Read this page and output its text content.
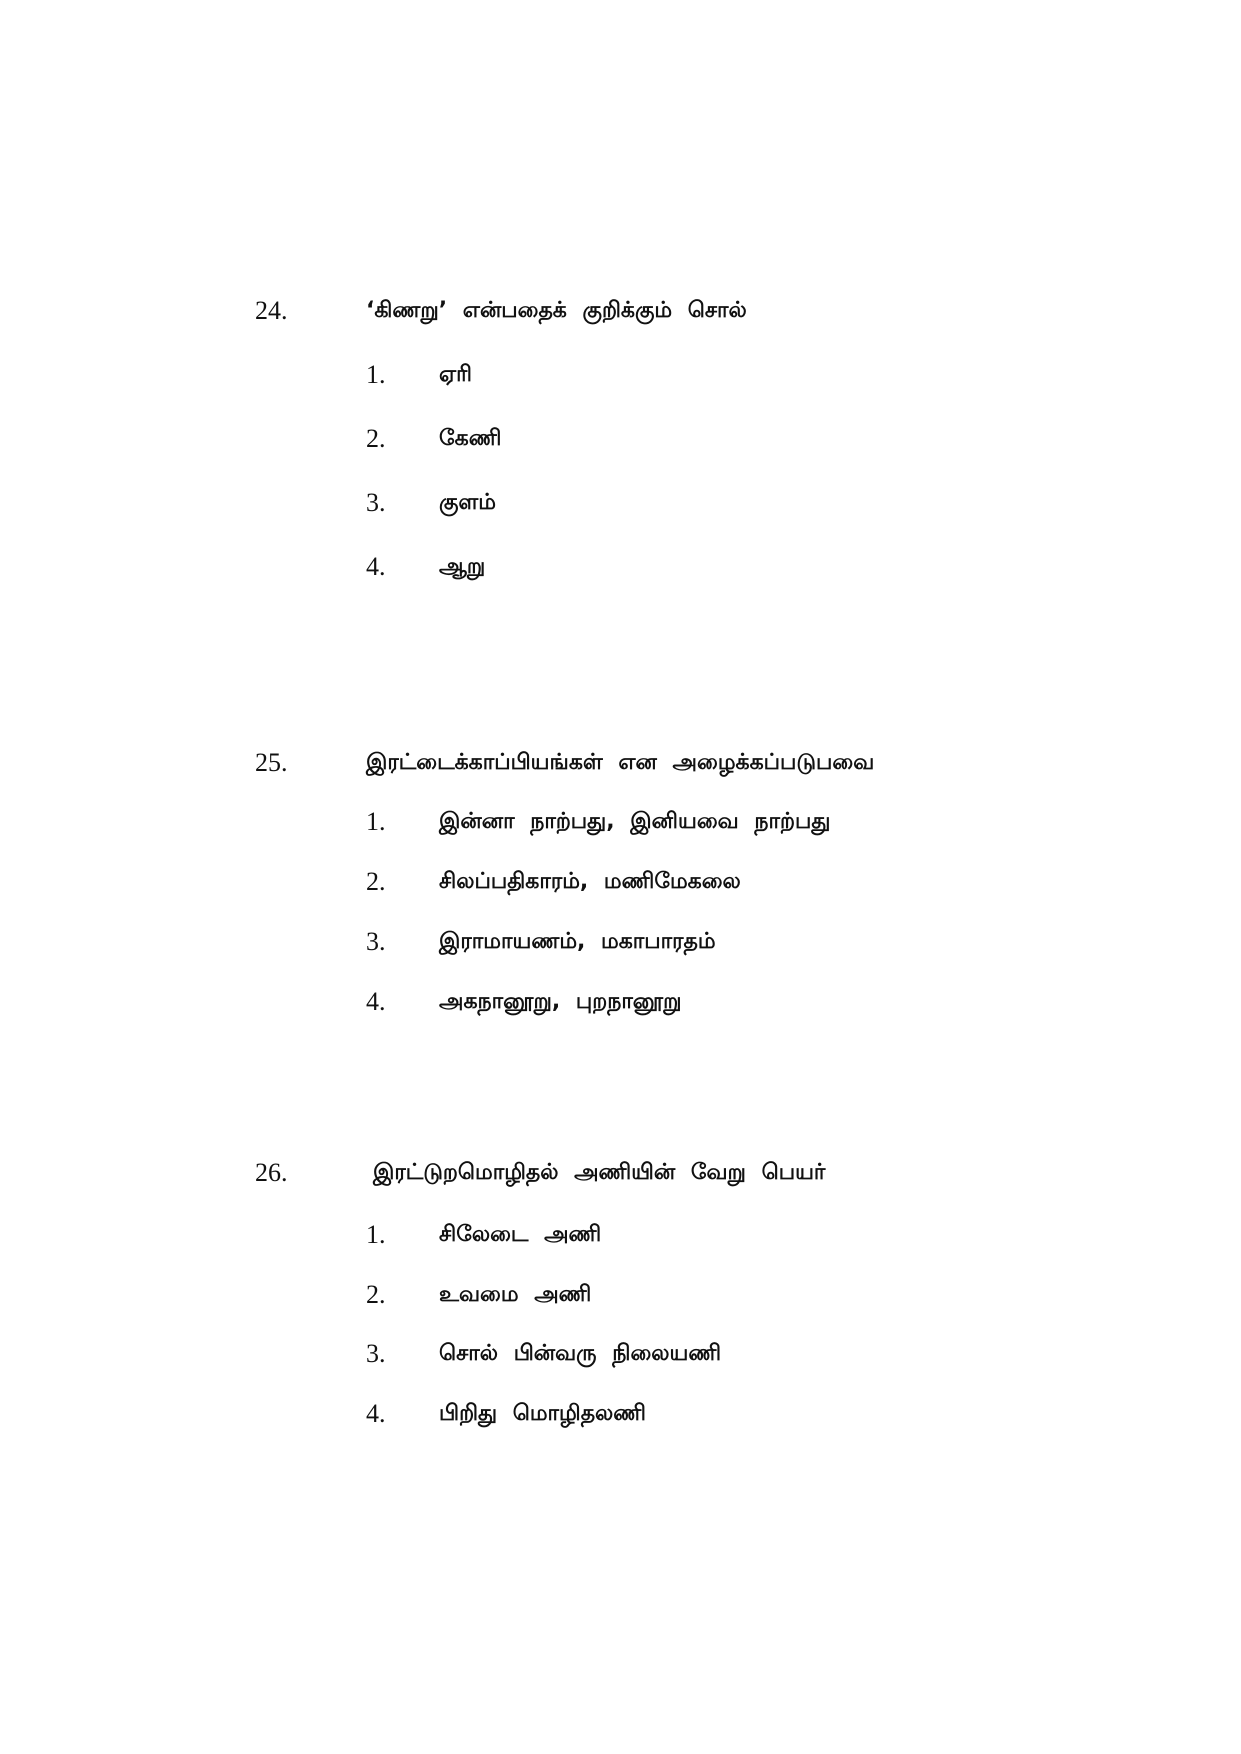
24.	‘கிணறு’ என்பதைக் குறிக்கும் சொல்
1. ஏரி
2. கேணி
3. குளம்
4. ஆறு
25.	இரட்டைக்காப்பியங்கள் என அழைக்கப்படுபவை
1. இன்னா நாற்பது, இனியவை நாற்பது
2. சிலப்பதிகாரம், மணிமேகலை
3. இராமாயணம், மகாபாரதம்
4. அகநானூறு, புறநானூறு
26.	இரட்டுறமொழிதல் அணியின் வேறு பெயர்
1. சிலேடை அணி
2. உவமை அணி
3. சொல் பின்வரு நிலையணி
4. பிறிது மொழிதலணி
